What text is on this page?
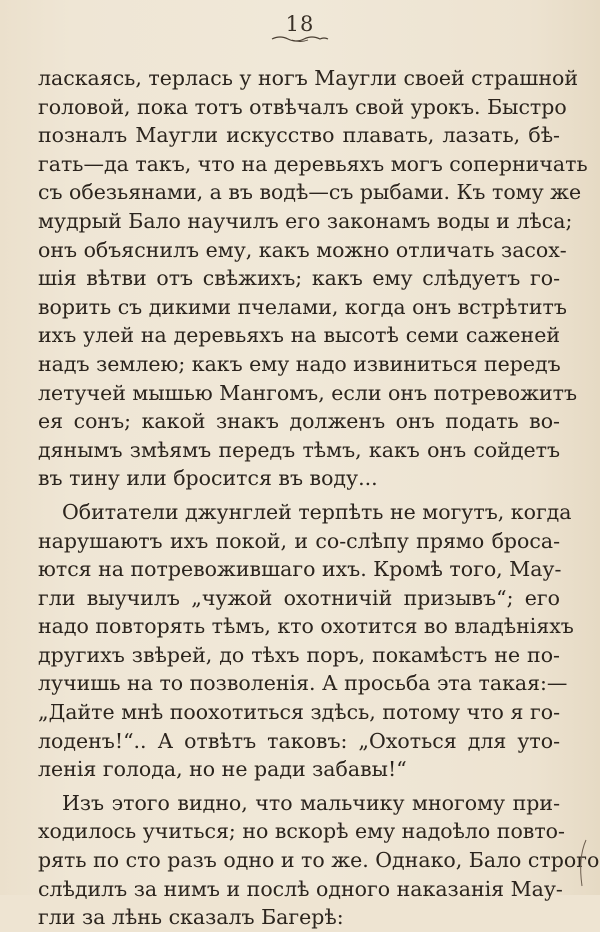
18
ласкаясь, терлась у ногъ Маугли своей страшной
головой, пока тотъ отвѣчалъ свой урокъ. Быстро
позналъ Маугли искусство плавать, лазать, бѣ-
гать—да такъ, что на деревьяхъ могъ соперничать
съ обезьянами, а въ водѣ—съ рыбами. Къ тому же
мудрый Бало научилъ его законамъ воды и лѣса;
онъ объяснилъ ему, какъ можно отличать засох-
шія вѣтви отъ свѣжихъ; какъ ему слѣдуетъ го-
ворить съ дикими пчелами, когда онъ встрѣтитъ
ихъ улей на деревьяхъ на высотѣ семи саженей
надъ землею; какъ ему надо извиниться передъ
летучей мышью Мангомъ, если онъ потревожитъ
ея сонъ; какой знакъ долженъ онъ подать во-
дянымъ змѣямъ передъ тѣмъ, какъ онъ сойдетъ
въ тину или бросится въ воду...
Обитатели джунглей терпѣть не могутъ, когда
нарушаютъ ихъ покой, и со-слѣпу прямо броса-
ются на потревожившаго ихъ. Кромѣ того, Мау-
гли выучилъ „чужой охотничій призывъ“; его
надо повторять тѣмъ, кто охотится во владѣніяхъ
другихъ звѣрей, до тѣхъ поръ, покамѣстъ не по-
лучишь на то позволенія. А просьба эта такая:—
„Дайте мнѣ поохотиться здѣсь, потому что я го-
лоденъ!“.. А отвѣтъ таковъ: „Охоться для уто-
ленія голода, но не ради забавы!“
Изъ этого видно, что мальчику многому при-
ходилось учиться; но вскорѣ ему надоѣло повто-
рять по сто разъ одно и то же. Однако, Бало строго
слѣдилъ за нимъ и послѣ одного наказанія Мау-
гли за лѣнь сказалъ Багерѣ:
